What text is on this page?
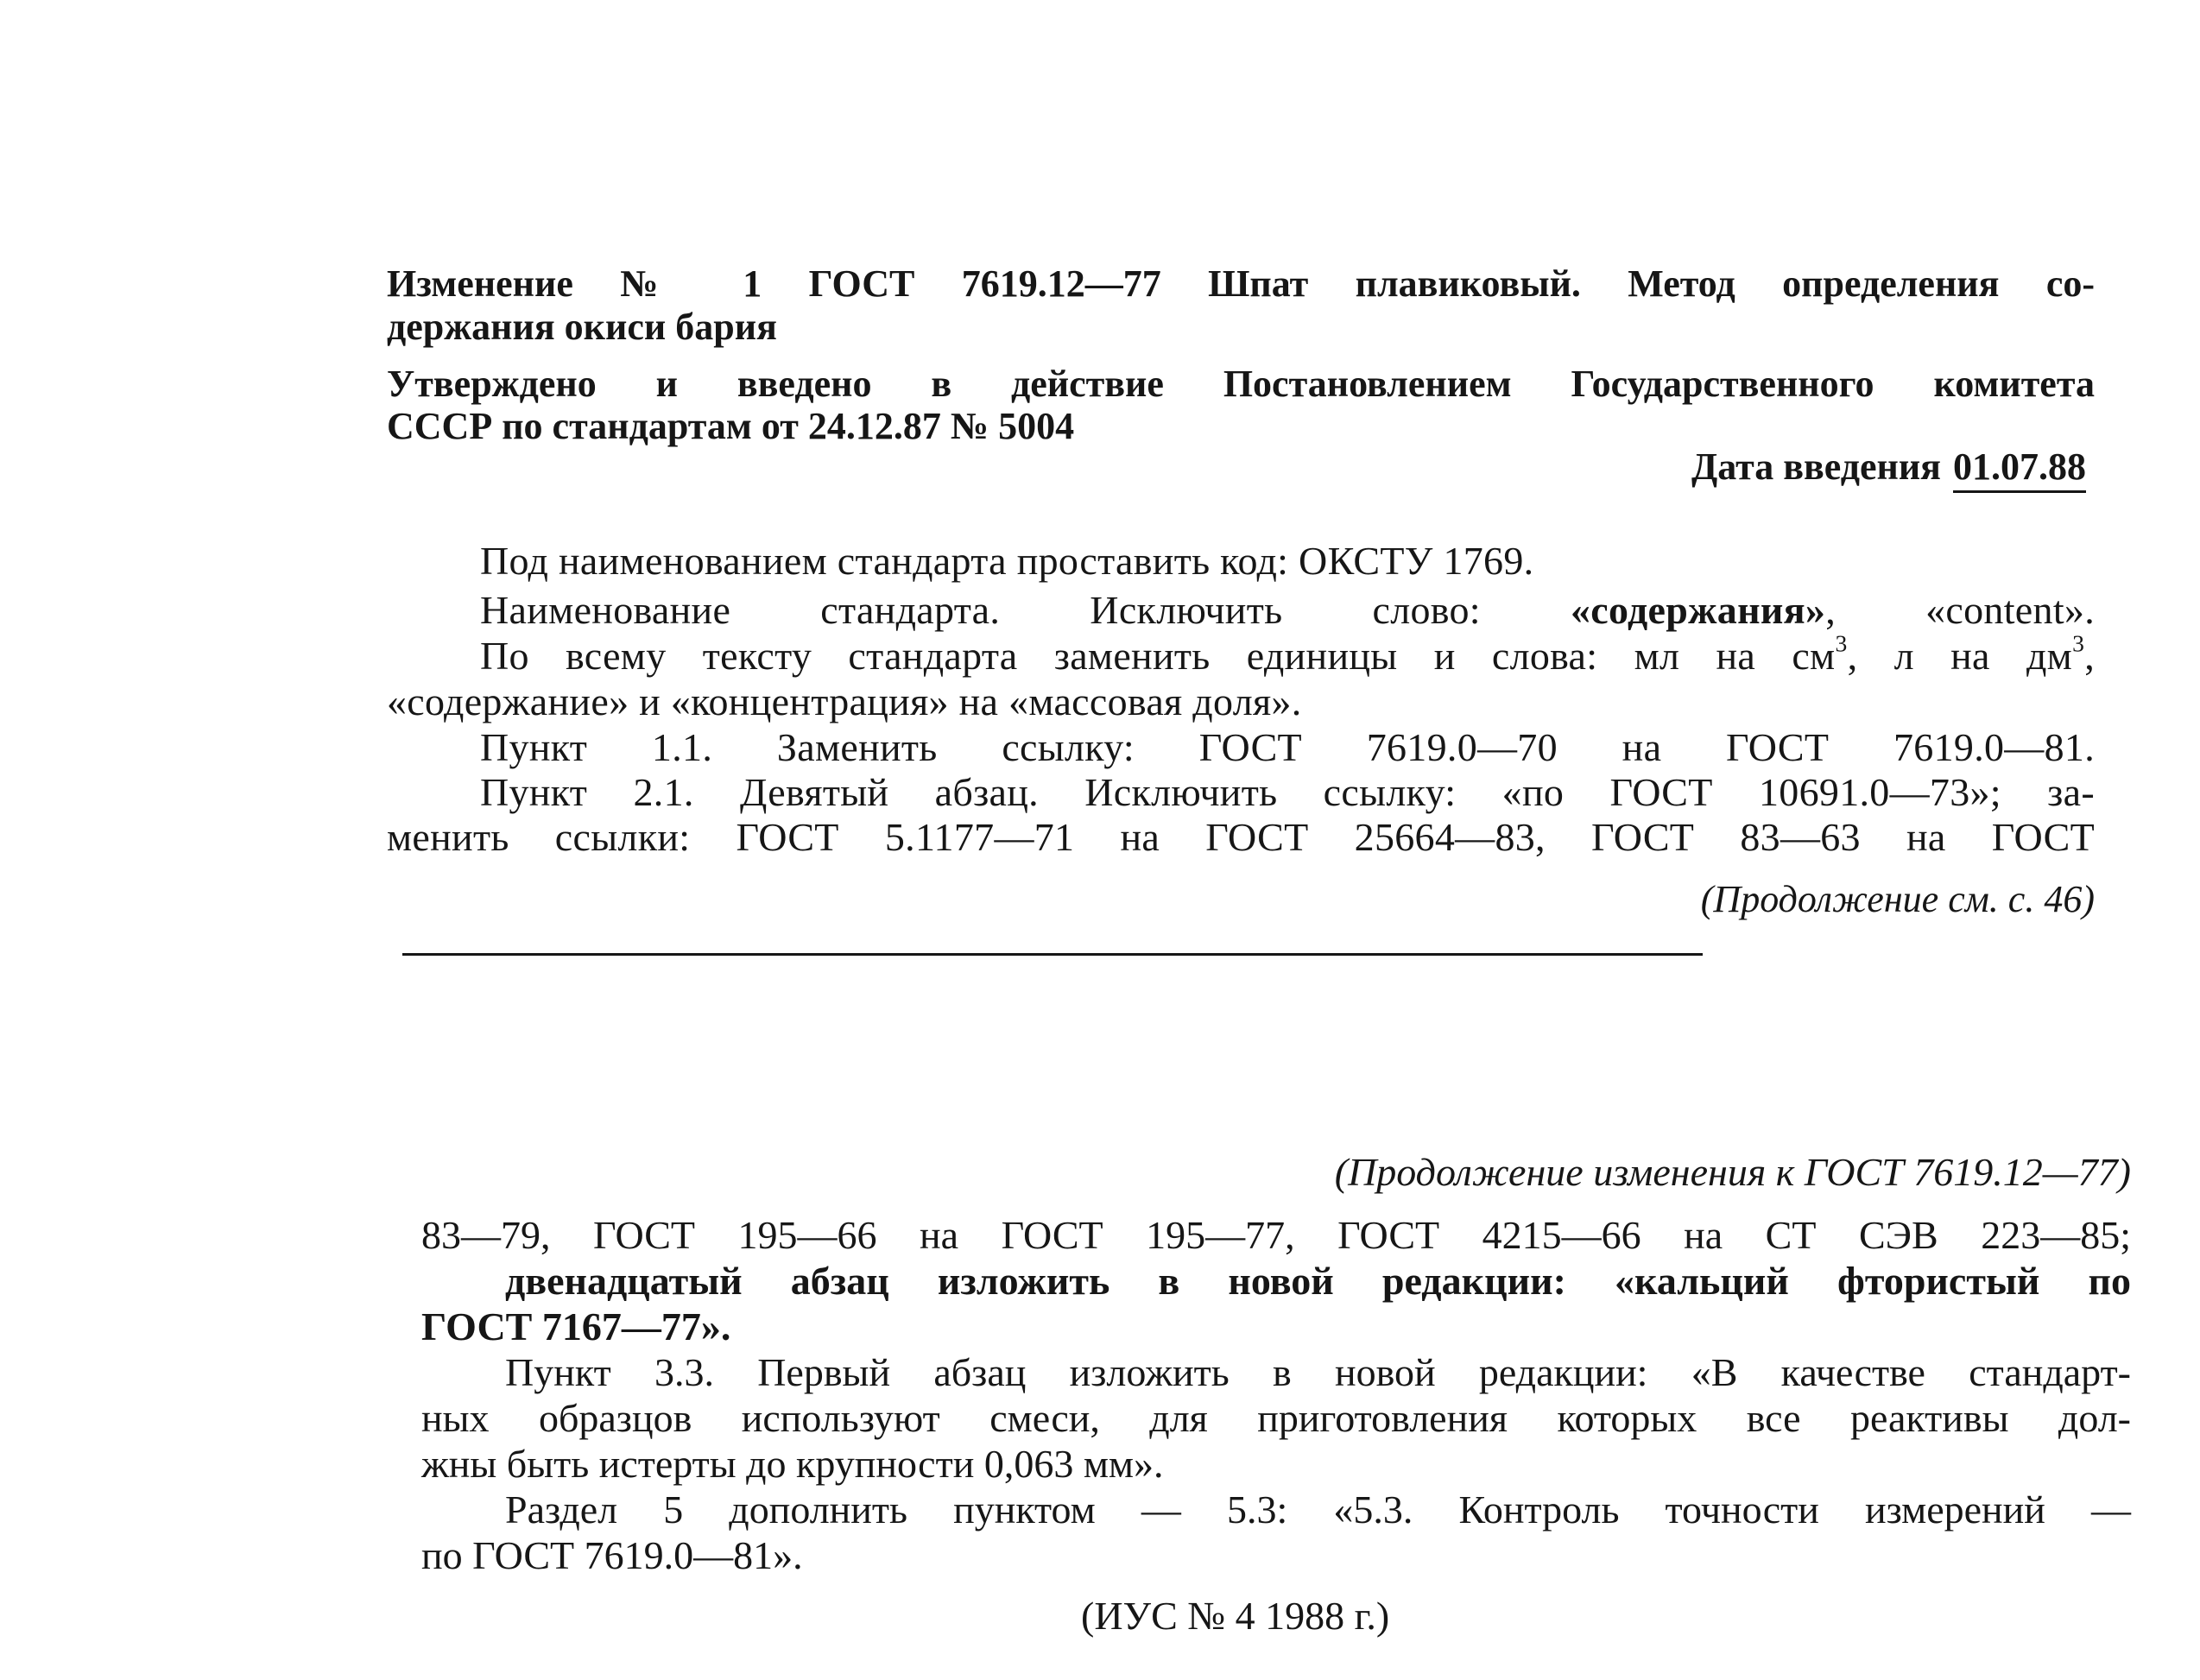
Изменение № 1 ГОСТ 7619.12—77 Шпат плавиковый. Метод определения со-

держания окиси бария

Утверждено и введено в действие Постановлением Государственного комитета

СССР по стандартам от 24.12.87 № 5004

Дата введения 01.07.88

Под наименованием стандарта проставить код: ОКСТУ 1769.

Наименование стандарта. Исключить слово: «содержания», «content».

По всему тексту стандарта заменить единицы и слова: мл на $см^3$, л на $дм^3$,

«содержание» и «концентрация» на «массовая доля».

Пункт 1.1. Заменить ссылку: ГОСТ 7619.0—70 на ГОСТ 7619.0—81.

Пункт 2.1. Девятый абзац. Исключить ссылку: «по ГОСТ 10691.0—73»; за-

менить ссылки: ГОСТ 5.1177—71 на ГОСТ 25664—83, ГОСТ 83—63 на ГОСТ

(Продолжение см. с. 46)

(Продолжение изменения к ГОСТ 7619.12—77)

83—79, ГОСТ 195—66 на ГОСТ 195—77, ГОСТ 4215—66 на СТ СЭВ 223—85;

двенадцатый абзац изложить в новой редакции: «кальций фтористый по

ГОСТ 7167—77».

Пункт 3.3. Первый абзац изложить в новой редакции: «В качестве стандарт-

ных образцов используют смеси, для приготовления которых все реактивы дол-

жны быть истерты до крупности 0,063 мм».

Раздел 5 дополнить пунктом — 5.3: «5.3. Контроль точности измерений —

по ГОСТ 7619.0—81».

(ИУС № 4 1988 г.)
